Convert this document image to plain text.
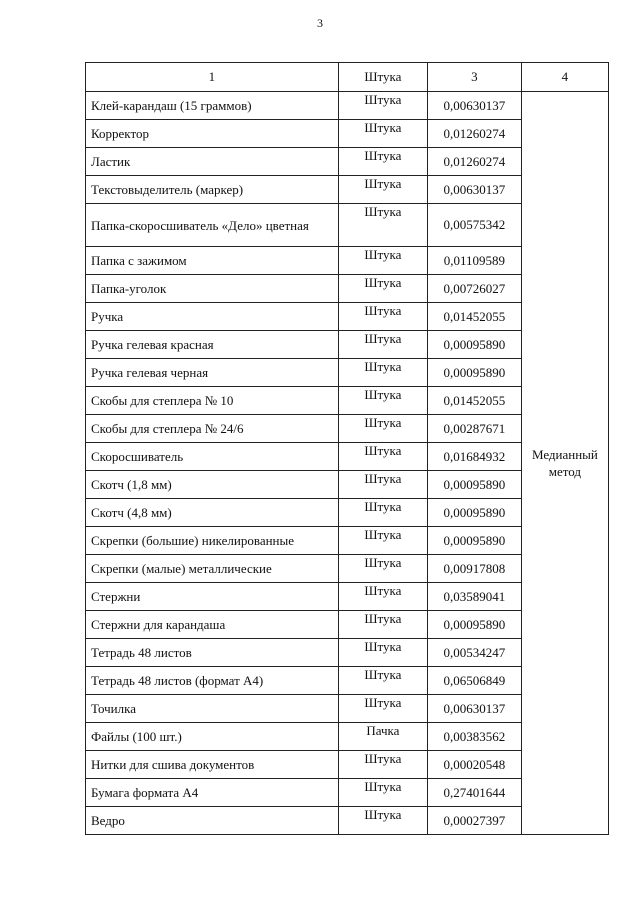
3
1	Штука	3	4
Клей-карандаш (15 граммов)	Штука	0,00630137	Медианный метод
Корректор	Штука	0,01260274	
Ластик	Штука	0,01260274	
Текстовыделитель (маркер)	Штука	0,00630137	
Папка-скоросшиватель «Дело» цветная	Штука	0,00575342	
Папка с зажимом	Штука	0,01109589	
Папка-уголок	Штука	0,00726027	
Ручка	Штука	0,01452055	
Ручка гелевая красная	Штука	0,00095890	
Ручка гелевая черная	Штука	0,00095890	
Скобы для степлера № 10	Штука	0,01452055	
Скобы для степлера № 24/6	Штука	0,00287671	
Скоросшиватель	Штука	0,01684932	
Скотч (1,8 мм)	Штука	0,00095890	
Скотч (4,8 мм)	Штука	0,00095890	
Скрепки (большие) никелированные	Штука	0,00095890	
Скрепки (малые) металлические	Штука	0,00917808	
Стержни	Штука	0,03589041	
Стержни для карандаша	Штука	0,00095890	
Тетрадь 48 листов	Штука	0,00534247	
Тетрадь 48 листов (формат А4)	Штука	0,06506849	
Точилка	Штука	0,00630137	
Файлы (100 шт.)	Пачка	0,00383562	
Нитки для сшива документов	Штука	0,00020548	
Бумага формата А4	Штука	0,27401644	
Ведро	Штука	0,00027397	
